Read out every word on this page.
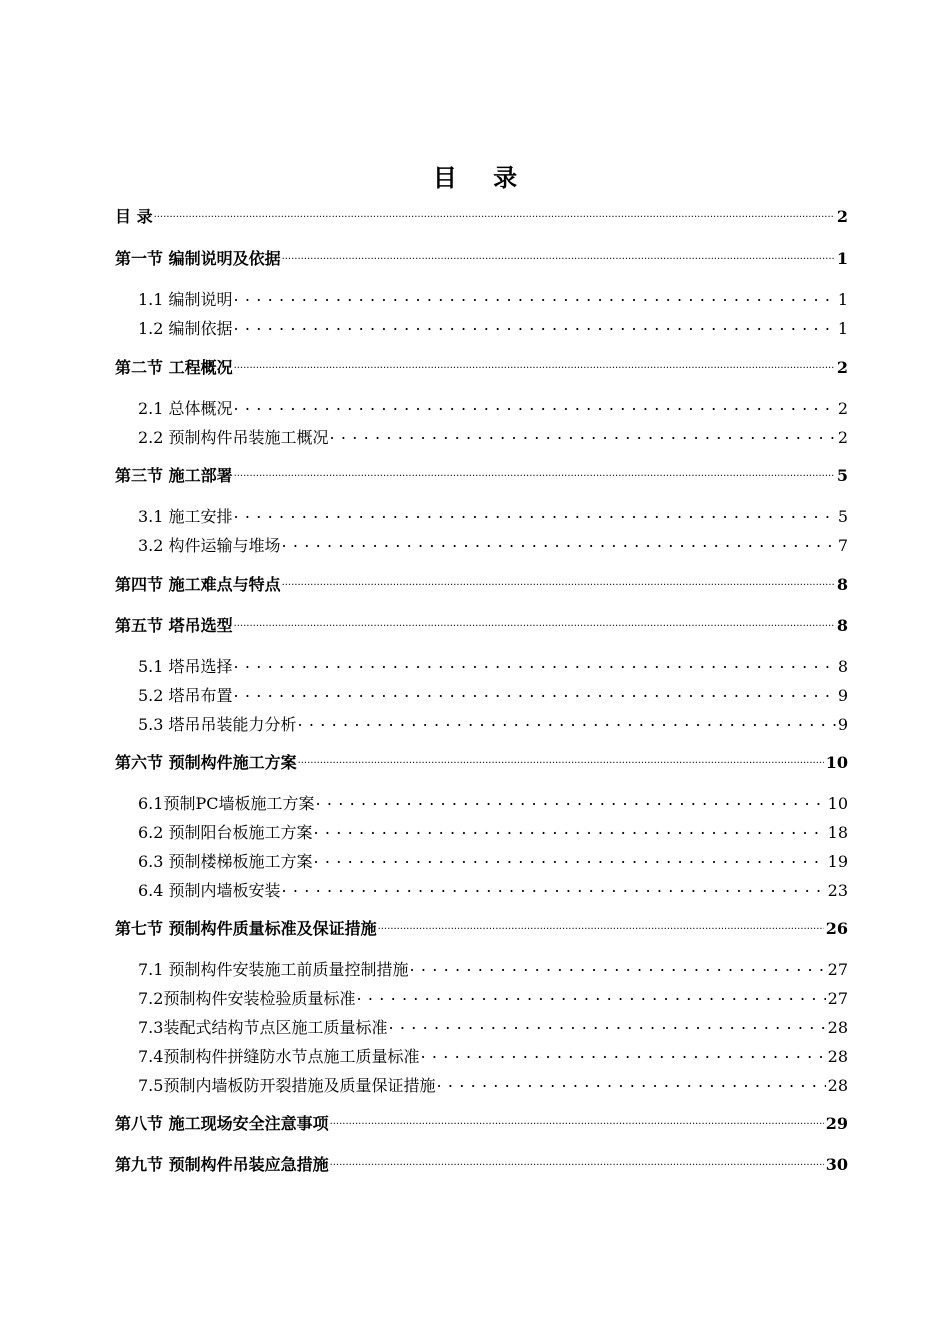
目 录
目 录 .....	2
第一节 编制说明及依据 .....	1
1.1 编制说明 . . .	1
1.2 编制依据 . . .	1
第二节 工程概况 .....	2
2.1 总体概况 . . .	2
2.2 预制构件吊装施工概况 . . .	2
第三节 施工部署 .....	5
3.1 施工安排 . . .	5
3.2 构件运输与堆场 . . .	7
第四节 施工难点与特点 .....	8
第五节 塔吊选型 .....	8
5.1 塔吊选择 . . .	8
5.2 塔吊布置 . . .	9
5.3 塔吊吊装能力分析 . . .	9
第六节 预制构件施工方案 .....	10
6.1预制PC墙板施工方案 . . .	10
6.2 预制阳台板施工方案 . . .	18
6.3 预制楼梯板施工方案 . . .	19
6.4 预制内墙板安装 . . .	23
第七节 预制构件质量标准及保证措施 .....	26
7.1 预制构件安装施工前质量控制措施 . . .	27
7.2预制构件安装检验质量标准 . . .	27
7.3装配式结构节点区施工质量标准 . . .	28
7.4预制构件拼缝防水节点施工质量标准 . . .	28
7.5预制内墙板防开裂措施及质量保证措施 . . .	28
第八节 施工现场安全注意事项 .....	29
第九节 预制构件吊装应急措施 .....	30
